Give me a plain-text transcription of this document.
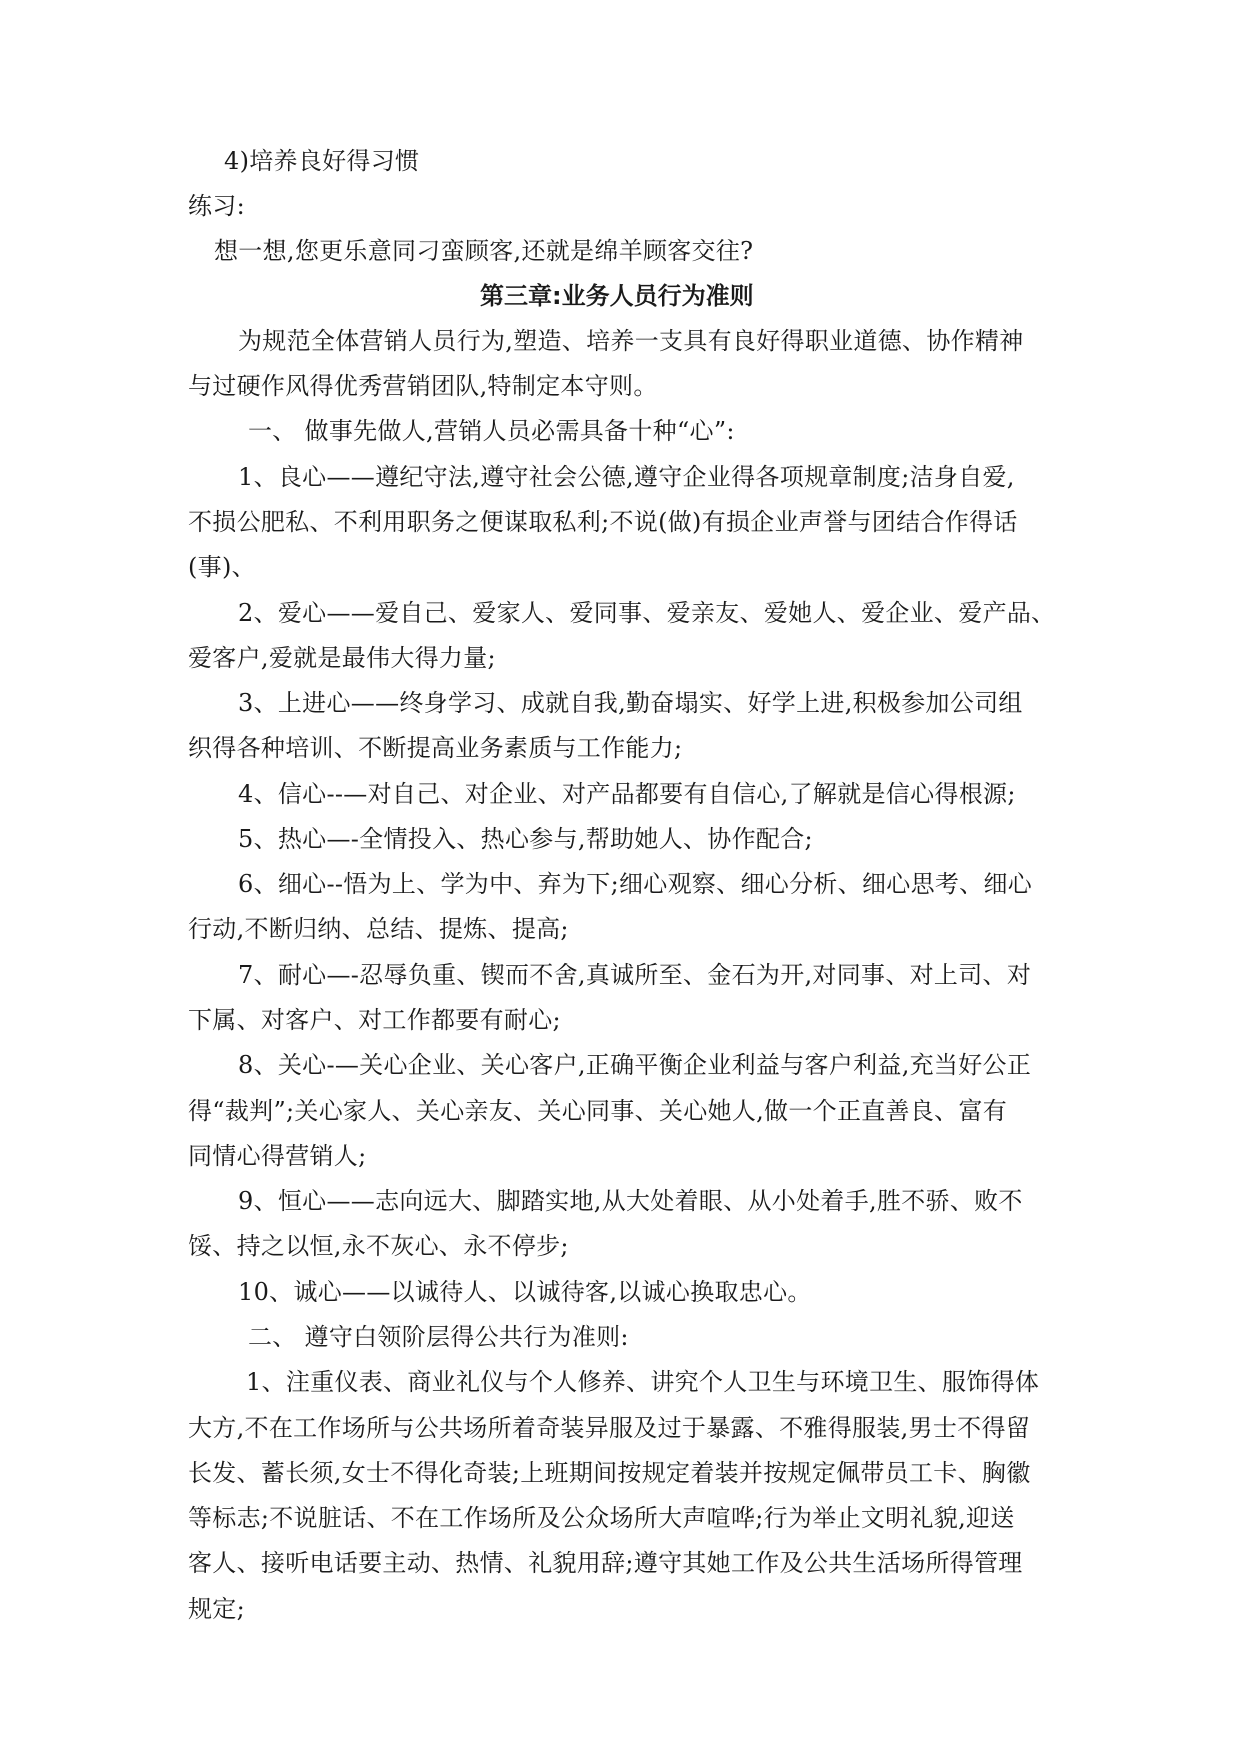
4)培养良好得习惯
练习:
想一想,您更乐意同刁蛮顾客,还就是绵羊顾客交往?
第三章:业务人员行为准则
为规范全体营销人员行为,塑造、培养一支具有良好得职业道德、协作精神
与过硬作风得优秀营销团队,特制定本守则。
一、 做事先做人,营销人员必需具备十种“心”:
1、良心——遵纪守法,遵守社会公德,遵守企业得各项规章制度;洁身自爱,
不损公肥私、不利用职务之便谋取私利;不说(做)有损企业声誉与团结合作得话
(事)、
2、爱心——爱自己、爱家人、爱同事、爱亲友、爱她人、爱企业、爱产品、
爱客户,爱就是最伟大得力量;
3、上进心——终身学习、成就自我,勤奋塌实、好学上进,积极参加公司组
织得各种培训、不断提高业务素质与工作能力;
4、信心--—对自己、对企业、对产品都要有自信心,了解就是信心得根源;
5、热心—-全情投入、热心参与,帮助她人、协作配合;
6、细心--悟为上、学为中、弃为下;细心观察、细心分析、细心思考、细心
行动,不断归纳、总结、提炼、提高;
7、耐心—-忍辱负重、锲而不舍,真诚所至、金石为开,对同事、对上司、对
下属、对客户、对工作都要有耐心;
8、关心-—关心企业、关心客户,正确平衡企业利益与客户利益,充当好公正
得“裁判”;关心家人、关心亲友、关心同事、关心她人,做一个正直善良、富有
同情心得营销人;
9、恒心——志向远大、脚踏实地,从大处着眼、从小处着手,胜不骄、败不
馁、持之以恒,永不灰心、永不停步;
10、诚心——以诚待人、以诚待客,以诚心换取忠心。
二、 遵守白领阶层得公共行为准则:
1、注重仪表、商业礼仪与个人修养、讲究个人卫生与环境卫生、服饰得体
大方,不在工作场所与公共场所着奇装异服及过于暴露、不雅得服装,男士不得留
长发、蓄长须,女士不得化奇装;上班期间按规定着装并按规定佩带员工卡、胸徽
等标志;不说脏话、不在工作场所及公众场所大声喧哗;行为举止文明礼貌,迎送
客人、接听电话要主动、热情、礼貌用辞;遵守其她工作及公共生活场所得管理
规定;
